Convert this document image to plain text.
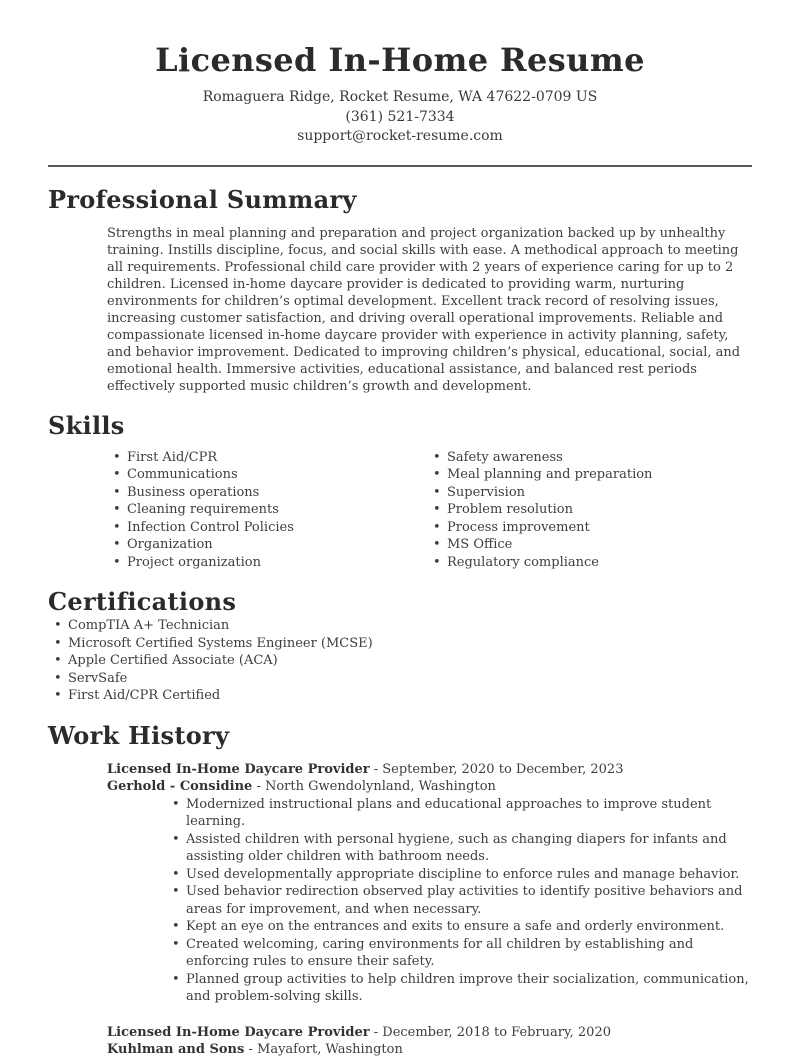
Licensed In-Home Resume
Romaguera Ridge, Rocket Resume, WA 47622-0709 US
(361) 521-7334
support@rocket-resume.com
Professional Summary

Strengths in meal planning and preparation and project organization backed up by unhealthy training. Instills discipline, focus, and social skills with ease. A methodical approach to meeting all requirements. Professional child care provider with 2 years of experience caring for up to 2 children. Licensed in-home daycare provider is dedicated to providing warm, nurturing environments for children’s optimal development. Excellent track record of resolving issues, increasing customer satisfaction, and driving overall operational improvements. Reliable and compassionate licensed in-home daycare provider with experience in activity planning, safety, and behavior improvement. Dedicated to improving children’s physical, educational, social, and emotional health. Immersive activities, educational assistance, and balanced rest periods effectively supported music children’s growth and development.

Skills
• First Aid/CPR
• Communications
• Business operations
• Cleaning requirements
• Infection Control Policies
• Organization
• Project organization
• Safety awareness
• Meal planning and preparation
• Supervision
• Problem resolution
• Process improvement
• MS Office
• Regulatory compliance
Certifications
• CompTIA A+ Technician
• Microsoft Certified Systems Engineer (MCSE)
• Apple Certified Associate (ACA)
• ServSafe
• First Aid/CPR Certified
Work History
Licensed In-Home Daycare Provider - September, 2020 to December, 2023
Gerhold - Considine - North Gwendolynland, Washington
• Modernized instructional plans and educational approaches to improve student learning.
• Assisted children with personal hygiene, such as changing diapers for infants and assisting older children with bathroom needs.
• Used developmentally appropriate discipline to enforce rules and manage behavior.
• Used behavior redirection observed play activities to identify positive behaviors and areas for improvement, and when necessary.
• Kept an eye on the entrances and exits to ensure a safe and orderly environment.
• Created welcoming, caring environments for all children by establishing and enforcing rules to ensure their safety.
• Planned group activities to help children improve their socialization, communication, and problem-solving skills.
Licensed In-Home Daycare Provider - December, 2018 to February, 2020
Kuhlman and Sons - Mayafort, Washington
